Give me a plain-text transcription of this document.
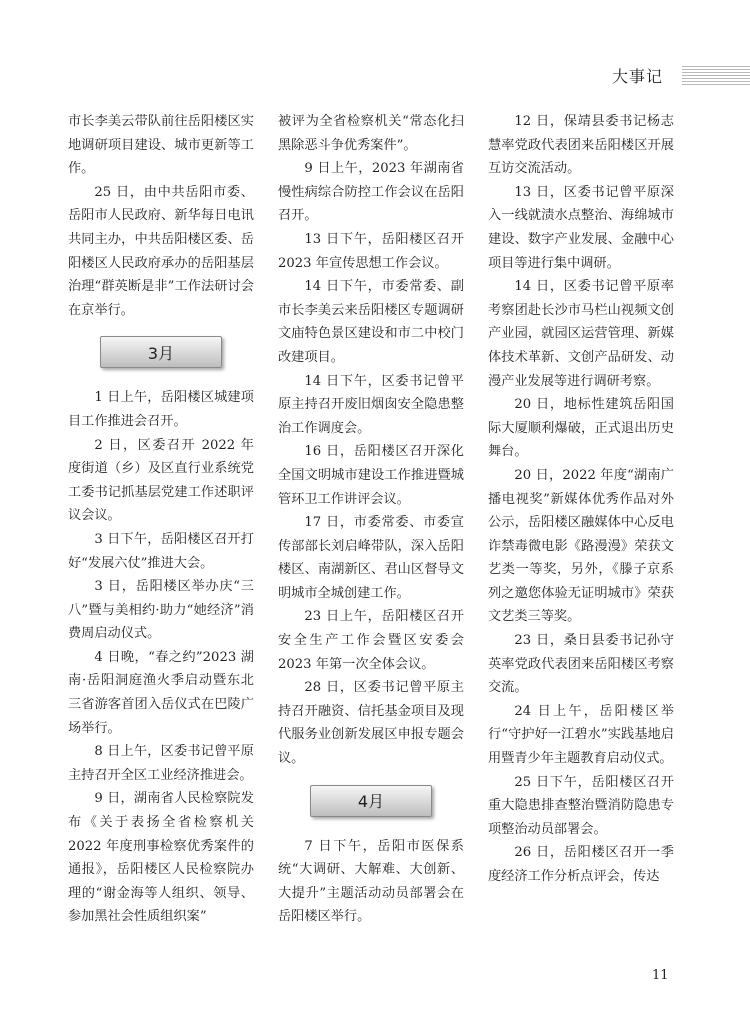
大事记

市长李美云带队前往岳阳楼区实地调研项目建设、城市更新等工作。

25 日，由中共岳阳市委、岳阳市人民政府、新华每日电讯共同主办，中共岳阳楼区委、岳阳楼区人民政府承办的岳阳基层治理“群英断是非”工作法研讨会在京举行。

3月

1 日上午，岳阳楼区城建项目工作推进会召开。

2 日，区委召开 2022 年度街道（乡）及区直行业系统党工委书记抓基层党建工作述职评议会议。

3 日下午，岳阳楼区召开打好“发展六仗”推进大会。

3 日，岳阳楼区举办庆“三八”暨与美相约·助力“她经济”消费周启动仪式。

4 日晚，“春之约”2023 湖南·岳阳洞庭渔火季启动暨东北三省游客首团入岳仪式在巴陵广场举行。

8 日上午，区委书记曾平原主持召开全区工业经济推进会。

9 日，湖南省人民检察院发布《关于表扬全省检察机关 2022 年度刑事检察优秀案件的通报》，岳阳楼区人民检察院办理的“谢金海等人组织、领导、参加黑社会性质组织案”

被评为全省检察机关“常态化扫黑除恶斗争优秀案件”。

9 日上午，2023 年湖南省慢性病综合防控工作会议在岳阳召开。

13 日下午，岳阳楼区召开 2023 年宣传思想工作会议。

14 日下午，市委常委、副市长李美云来岳阳楼区专题调研文庙特色景区建设和市二中校门改建项目。

14 日下午，区委书记曾平原主持召开废旧烟囱安全隐患整治工作调度会。

16 日，岳阳楼区召开深化全国文明城市建设工作推进暨城管环卫工作讲评会议。

17 日，市委常委、市委宣传部部长刘启峰带队，深入岳阳楼区、南湖新区、君山区督导文明城市全城创建工作。

23 日上午，岳阳楼区召开安全生产工作会暨区安委会 2023 年第一次全体会议。

28 日，区委书记曾平原主持召开融资、信托基金项目及现代服务业创新发展区申报专题会议。

4月

7 日下午，岳阳市医保系统“大调研、大解难、大创新、大提升”主题活动动员部署会在岳阳楼区举行。

12 日，保靖县委书记杨志慧率党政代表团来岳阳楼区开展互访交流活动。

13 日，区委书记曾平原深入一线就渍水点整治、海绵城市建设、数字产业发展、金融中心项目等进行集中调研。

14 日，区委书记曾平原率考察团赴长沙市马栏山视频文创产业园，就园区运营管理、新媒体技术革新、文创产品研发、动漫产业发展等进行调研考察。

20 日，地标性建筑岳阳国际大厦顺利爆破，正式退出历史舞台。

20 日，2022 年度“湖南广播电视奖”新媒体优秀作品对外公示，岳阳楼区融媒体中心反电诈禁毒微电影《路漫漫》荣获文艺类一等奖，另外，《滕子京系列之邀您体验无证明城市》荣获文艺类三等奖。

23 日，桑日县委书记孙守英率党政代表团来岳阳楼区考察交流。

24 日上午，岳阳楼区举行“守护好一江碧水”实践基地启用暨青少年主题教育启动仪式。

25 日下午，岳阳楼区召开重大隐患排查整治暨消防隐患专项整治动员部署会。

26 日，岳阳楼区召开一季度经济工作分析点评会，传达

11
